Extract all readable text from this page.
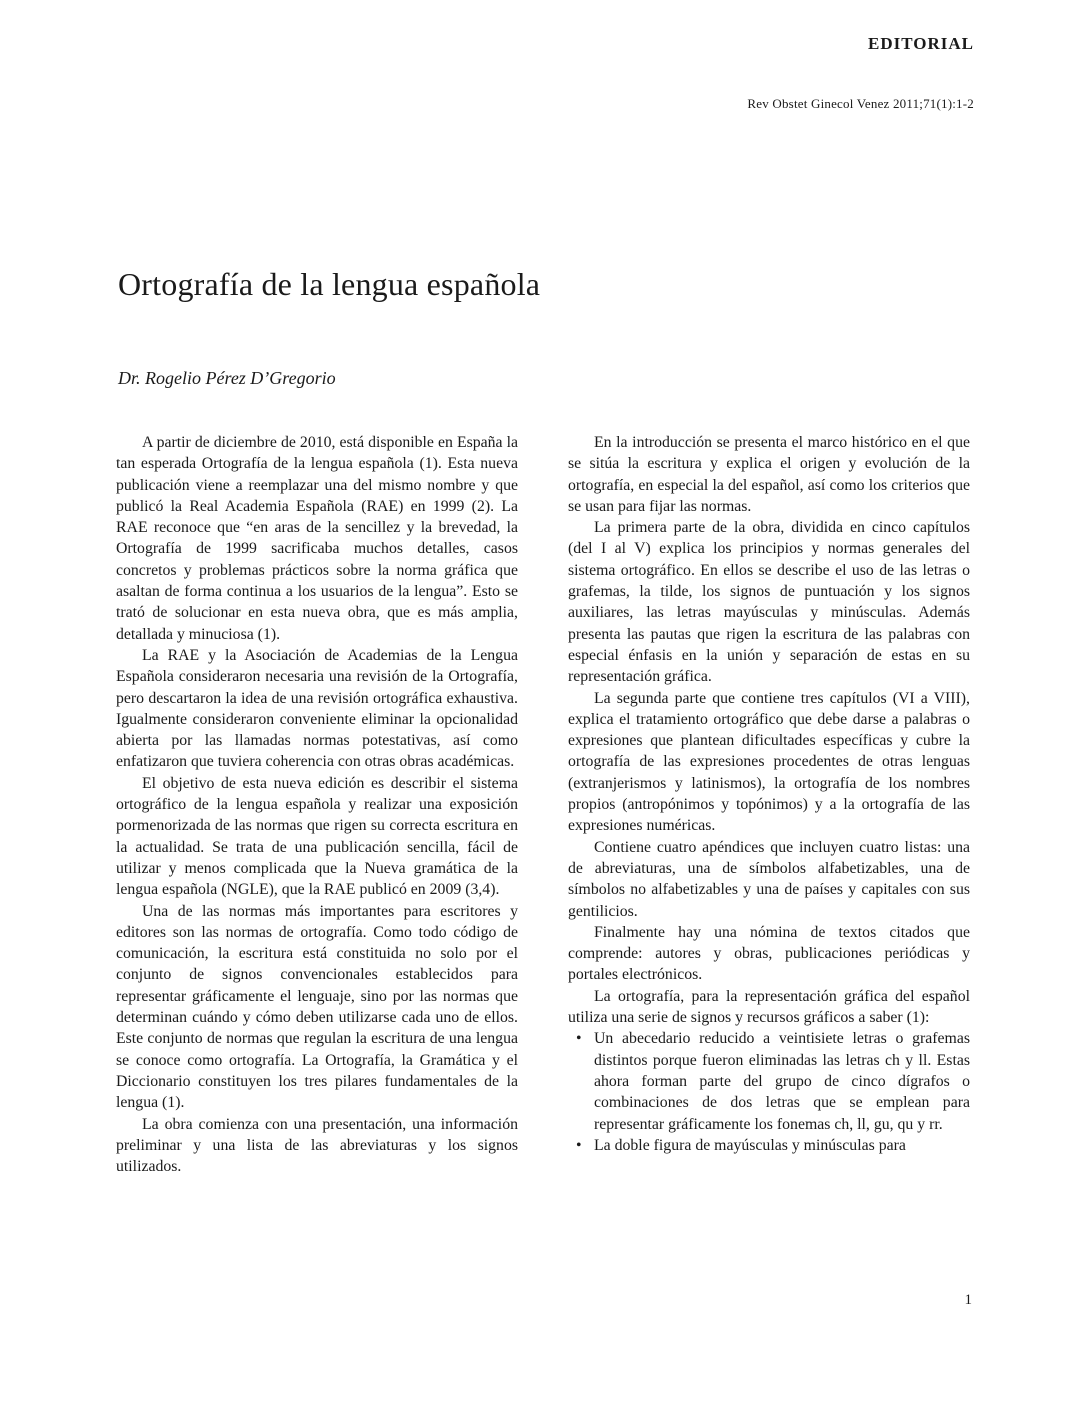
EDITORIAL
Rev Obstet Ginecol Venez 2011;71(1):1-2
Ortografía de la lengua española
Dr. Rogelio Pérez D’Gregorio

A partir de diciembre de 2010, está disponible en España la tan esperada Ortografía de la lengua española (1). Esta nueva publicación viene a reemplazar una del mismo nombre y que publicó la Real Academia Española (RAE) en 1999 (2). La RAE reconoce que “en aras de la sencillez y la brevedad, la Ortografía de 1999 sacrificaba muchos detalles, casos concretos y problemas prácticos sobre la norma gráfica que asaltan de forma continua a los usuarios de la lengua”. Esto se trató de solucionar en esta nueva obra, que es más amplia, detallada y minuciosa (1).

La RAE y la Asociación de Academias de la Lengua Española consideraron necesaria una revisión de la Ortografía, pero descartaron la idea de una revisión ortográfica exhaustiva. Igualmente consideraron conveniente eliminar la opcionalidad abierta por las llamadas normas potestativas, así como enfatizaron que tuviera coherencia con otras obras académicas.

El objetivo de esta nueva edición es describir el sistema ortográfico de la lengua española y realizar una exposición pormenorizada de las normas que rigen su correcta escritura en la actualidad. Se trata de una publicación sencilla, fácil de utilizar y menos complicada que la Nueva gramática de la lengua española (NGLE), que la RAE publicó en 2009 (3,4).

Una de las normas más importantes para escritores y editores son las normas de ortografía. Como todo código de comunicación, la escritura está constituida no solo por el conjunto de signos convencionales establecidos para representar gráficamente el lenguaje, sino por las normas que determinan cuándo y cómo deben utilizarse cada uno de ellos. Este conjunto de normas que regulan la escritura de una lengua se conoce como ortografía. La Ortografía, la Gramática y el Diccionario constituyen los tres pilares fundamentales de la lengua (1).

La obra comienza con una presentación, una información preliminar y una lista de las abreviaturas y los signos utilizados.

En la introducción se presenta el marco histórico en el que se sitúa la escritura y explica el origen y evolución de la ortografía, en especial la del español, así como los criterios que se usan para fijar las normas.

La primera parte de la obra, dividida en cinco capítulos (del I al V) explica los principios y normas generales del sistema ortográfico. En ellos se describe el uso de las letras o grafemas, la tilde, los signos de puntuación y los signos auxiliares, las letras mayúsculas y minúsculas. Además presenta las pautas que rigen la escritura de las palabras con especial énfasis en la unión y separación de estas en su representación gráfica.

La segunda parte que contiene tres capítulos (VI a VIII), explica el tratamiento ortográfico que debe darse a palabras o expresiones que plantean dificultades específicas y cubre la ortografía de las expresiones procedentes de otras lenguas (extranjerismos y latinismos), la ortografía de los nombres propios (antropónimos y topónimos) y a la ortografía de las expresiones numéricas.

Contiene cuatro apéndices que incluyen cuatro listas: una de abreviaturas, una de símbolos alfabetizables, una de símbolos no alfabetizables y una de países y capitales con sus gentilicios.

Finalmente hay una nómina de textos citados que comprende: autores y obras, publicaciones periódicas y portales electrónicos.

La ortografía, para la representación gráfica del español utiliza una serie de signos y recursos gráficos a saber (1):

• Un abecedario reducido a veintisiete letras o grafemas distintos porque fueron eliminadas las letras ch y ll. Estas ahora forman parte del grupo de cinco dígrafos o combinaciones de dos letras que se emplean para representar gráficamente los fonemas ch, ll, gu, qu y rr.
• La doble figura de mayúsculas y minúsculas para
1
